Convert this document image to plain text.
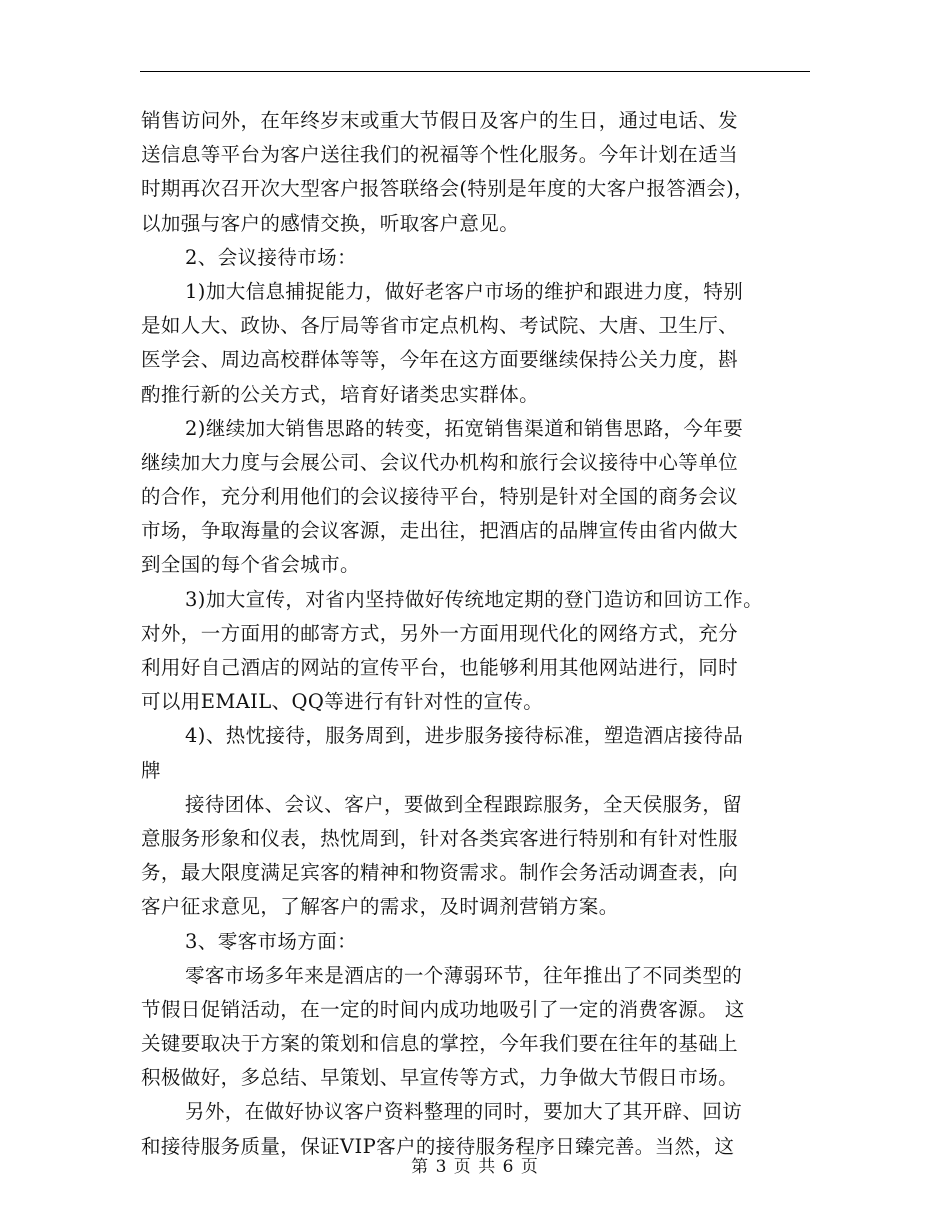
销售访问外，在年终岁末或重大节假日及客户的生日，通过电话、发
送信息等平台为客户送往我们的祝福等个性化服务。今年计划在适当
时期再次召开次大型客户报答联络会(特别是年度的大客户报答酒会)，
以加强与客户的感情交换，听取客户意见。
2、会议接待市场：
1)加大信息捕捉能力，做好老客户市场的维护和跟进力度，特别
是如人大、政协、各厅局等省市定点机构、考试院、大唐、卫生厅、
医学会、周边高校群体等等，今年在这方面要继续保持公关力度，斟
酌推行新的公关方式，培育好诸类忠实群体。
2)继续加大销售思路的转变，拓宽销售渠道和销售思路，今年要
继续加大力度与会展公司、会议代办机构和旅行会议接待中心等单位
的合作，充分利用他们的会议接待平台，特别是针对全国的商务会议
市场，争取海量的会议客源，走出往，把酒店的品牌宣传由省内做大
到全国的每个省会城市。
3)加大宣传，对省内坚持做好传统地定期的登门造访和回访工作。
对外，一方面用的邮寄方式，另外一方面用现代化的网络方式，充分
利用好自己酒店的网站的宣传平台，也能够利用其他网站进行，同时
可以用EMAIL、QQ等进行有针对性的宣传。
4)、热忱接待，服务周到，进步服务接待标准，塑造酒店接待品
牌
接待团体、会议、客户，要做到全程跟踪服务，全天侯服务，留
意服务形象和仪表，热忱周到，针对各类宾客进行特别和有针对性服
务，最大限度满足宾客的精神和物资需求。制作会务活动调查表，向
客户征求意见，了解客户的需求，及时调剂营销方案。
3、零客市场方面：
零客市场多年来是酒店的一个薄弱环节，往年推出了不同类型的
节假日促销活动，在一定的时间内成功地吸引了一定的消费客源。 这
关键要取决于方案的策划和信息的掌控，今年我们要在往年的基础上
积极做好，多总结、早策划、早宣传等方式，力争做大节假日市场。
另外，在做好协议客户资料整理的同时，要加大了其开辟、回访
和接待服务质量，保证VIP客户的接待服务程序日臻完善。当然，这
第 3 页 共 6 页
